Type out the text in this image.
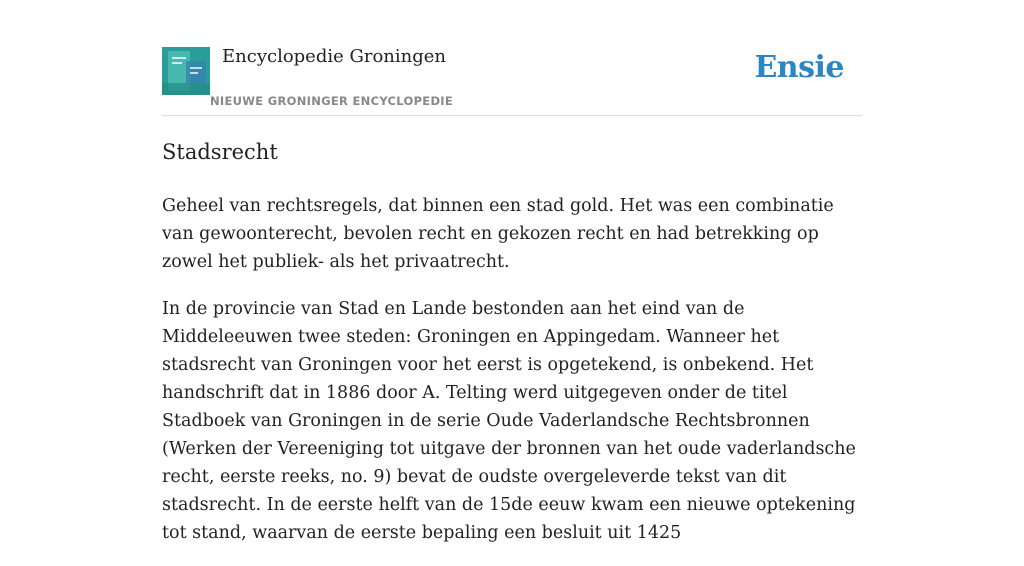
Encyclopedie Groningen
NIEUWE GRONINGER ENCYCLOPEDIE
Ensie
Stadsrecht

Geheel van rechtsregels, dat binnen een stad gold. Het was een combinatie van gewoonterecht, bevolen recht en gekozen recht en had betrekking op zowel het publiek- als het privaatrecht.

In de provincie van Stad en Lande bestonden aan het eind van de Middeleeuwen twee steden: Groningen en Appingedam. Wanneer het stadsrecht van Groningen voor het eerst is opgetekend, is onbekend. Het handschrift dat in 1886 door A. Telting werd uitgegeven onder de titel Stadboek van Groningen in de serie Oude Vaderlandsche Rechtsbronnen (Werken der Vereeniging tot uitgave der bronnen van het oude vaderlandsche recht, eerste reeks, no. 9) bevat de oudste overgeleverde tekst van dit stadsrecht. In de eerste helft van de 15de eeuw kwam een nieuwe optekening tot stand, waarvan de eerste bepaling een besluit uit 1425
